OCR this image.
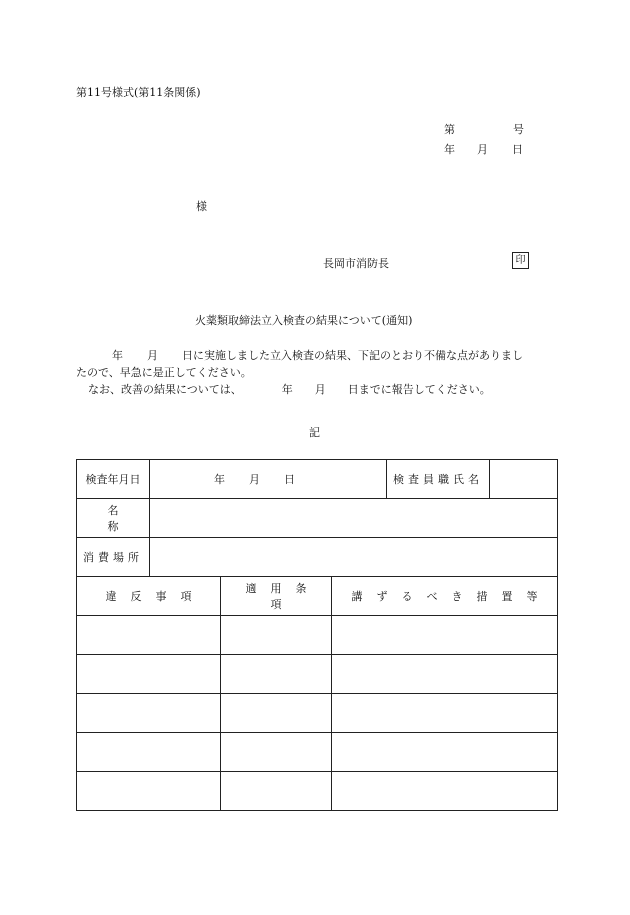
第11号様式(第11条関係)
第	号
年 月 日
様
長岡市消防長	印
火薬類取締法立入検査の結果について(通知)

年 月 日に実施しました立入検査の結果、下記のとおり不備な点がありまし

たので、早急に是正してください。

なお、改善の結果については、	年 月 日までに報告してください。

記
検査年月日	年 月 日	検査員職氏名	
名称			
消費場所			
違反事項	適用条項	講ずるべき措置等
